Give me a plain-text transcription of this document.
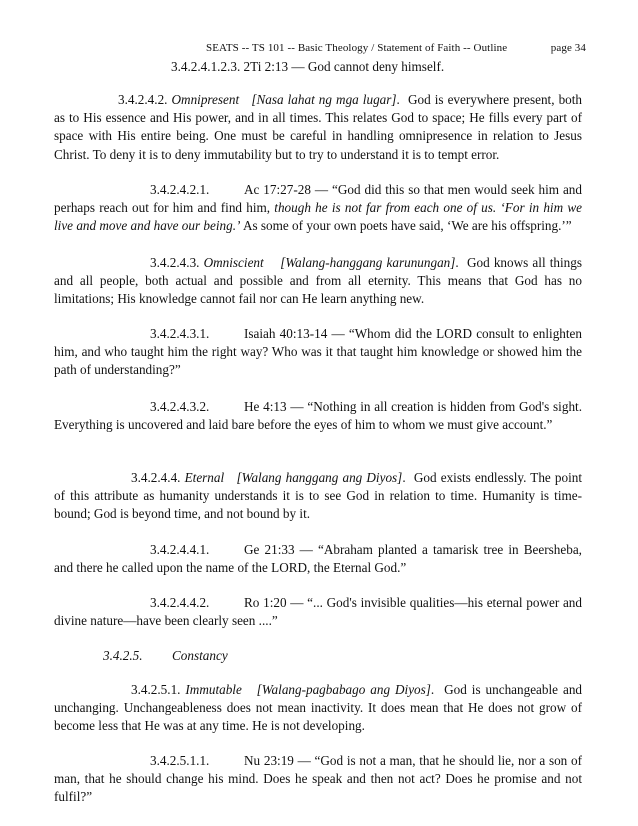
SEATS -- TS 101 -- Basic Theology / Statement of Faith -- Outline	page 34
3.4.2.4.1.2.3. 2Ti 2:13 — God cannot deny himself.
3.4.2.4.2. Omnipresent [Nasa lahat ng mga lugar].  God is everywhere present, both as to His essence and His power, and in all times. This relates God to space; He fills every part of space with His entire being. One must be careful in handling omnipresence in relation to Jesus Christ. To deny it is to deny immutability but to try to understand it is to tempt error.
3.4.2.4.2.1.	Ac 17:27-28 — “God did this so that men would seek him and perhaps reach out for him and find him, though he is not far from each one of us. ‘For in him we live and move and have our being.’ As some of your own poets have said, ‘We are his offspring.’”
3.4.2.4.3. Omniscient [Walang-hanggang karunungan].  God knows all things and all people, both actual and possible and from all eternity. This means that God has no limitations; His knowledge cannot fail nor can He learn anything new.
3.4.2.4.3.1.	Isaiah 40:13-14 — “Whom did the LORD consult to enlighten him, and who taught him the right way? Who was it that taught him knowledge or showed him the path of understanding?”
3.4.2.4.3.2.	He 4:13 — “Nothing in all creation is hidden from God's sight. Everything is uncovered and laid bare before the eyes of him to whom we must give account.”
3.4.2.4.4. Eternal [Walang hanggang ang Diyos].  God exists endlessly. The point of this attribute as humanity understands it is to see God in relation to time. Humanity is time-bound; God is beyond time, and not bound by it.
3.4.2.4.4.1.	Ge 21:33 — “Abraham planted a tamarisk tree in Beersheba, and there he called upon the name of the LORD, the Eternal God.”
3.4.2.4.4.2.	Ro 1:20 — “... God's invisible qualities—his eternal power and divine nature—have been clearly seen ....”
3.4.2.5. Constancy
3.4.2.5.1. Immutable [Walang-pagbabago ang Diyos].  God is unchangeable and unchanging. Unchangeableness does not mean inactivity. It does mean that He does not grow of become less that He was at any time. He is not developing.
3.4.2.5.1.1.	Nu 23:19 — “God is not a man, that he should lie, nor a son of man, that he should change his mind. Does he speak and then not act? Does he promise and not fulfil?”
